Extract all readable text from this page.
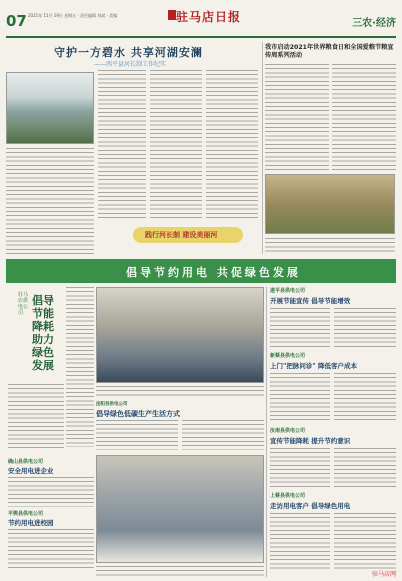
07 2021年 11月 19日 星期五 · 责任编辑 刘斌 · 美编 ·	驻马店日报	三农·经济
守护一方碧水 共享河湖安澜
——西平县河长制工作纪实
践行河长制 建设美丽河
我市启动2021年世界粮食日和全国爱粮节粮宣传周系列活动
倡导节约用电 共促绿色发展
驻马店供电公司
倡导节能降耗 助力绿色发展
泌阳县供电公司
倡导绿色低碳生产生活方式
遂平县供电公司
开展节能宣传 倡导节能增效
新蔡县供电公司
上门"把脉问诊" 降低客户成本
汝南县供电公司
宣传节能降耗 提升节约意识
上蔡县供电公司
走访用电客户 倡导绿色用电
确山县供电公司
安全用电进企业
平舆县供电公司
节约用电进校园
驻马店网
